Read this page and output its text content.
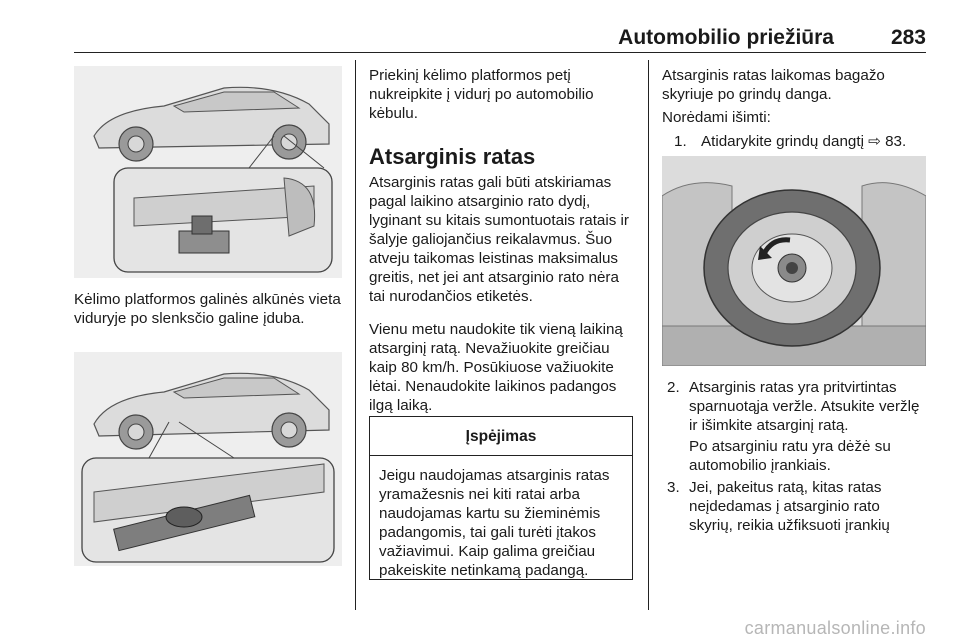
Automobilio priežiūra	283

Kėlimo platformos galinės alkūnės vieta viduryje po slenksčio galine įduba.

Priekinį kėlimo platformos petį nukreipkite į vidurį po automobilio kėbulu.

Atsarginis ratas

Atsarginis ratas gali būti atskiriamas pagal laikino atsarginio rato dydį, lyginant su kitais sumontuotais ratais ir šalyje galiojančius reikalavmus. Šuo atveju taikomas leistinas maksimalus greitis, net jei ant atsarginio rato nėra tai nurodančios etiketės.

Vienu metu naudokite tik vieną laikiną atsarginį ratą. Nevažiuokite greičiau kaip 80 km/h. Posūkiuose važiuokite lėtai. Nenaudokite laikinos padangos ilgą laiką.

Įspėjimas

Jeigu naudojamas atsarginis ratas yramažesnis nei kiti ratai arba naudojamas kartu su žieminėmis padangomis, tai gali turėti įtakos važiavimui. Kaip galima greičiau pakeiskite netinkamą padangą.

Atsarginis ratas laikomas bagažo skyriuje po grindų danga.

Norėdami išimti:

1. Atidarykite grindų dangtį ⇨ 83.
2. Atsarginis ratas yra pritvirtintas sparnuotąja veržle. Atsukite veržlę ir išimkite atsarginį ratą.
Po atsarginiu ratu yra dėžė su automobilio įrankiais.
3. Jei, pakeitus ratą, kitas ratas neįdedamas į atsarginio rato skyrių, reikia užfiksuoti įrankių
carmanualsonline.info
